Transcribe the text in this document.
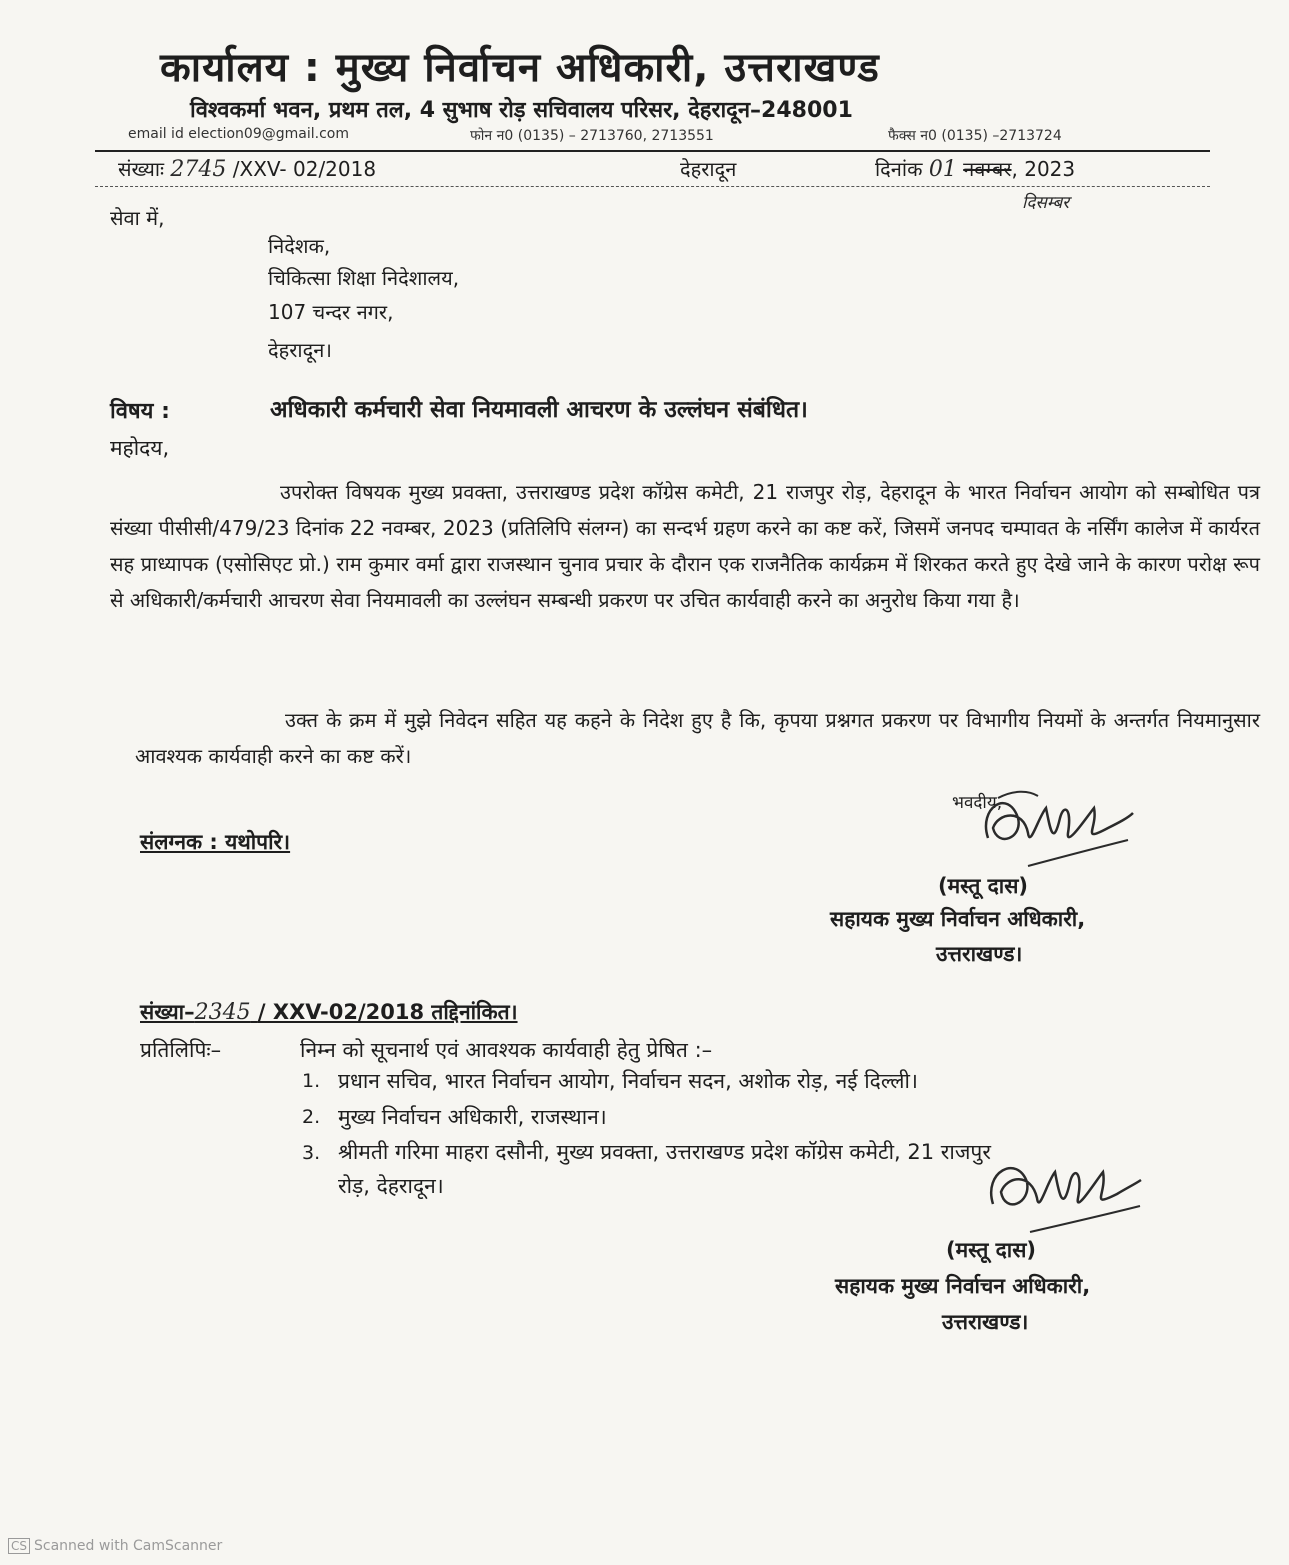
कार्यालय : मुख्य निर्वाचन अधिकारी, उत्तराखण्ड
विश्वकर्मा भवन, प्रथम तल, 4 सुभाष रोड़ सचिवालय परिसर, देहरादून–248001
email id election09@gmail.com	फोन न0 (0135) – 2713760, 2713551	फैक्स न0 (0135) –2713724
संख्याः 2745 /XXV- 02/2018	देहरादून	दिनांक 01 नवम्बर, 2023
दिसम्बर
सेवा में,
निदेशक,
चिकित्सा शिक्षा निदेशालय,
107 चन्दर नगर,
देहरादून।
विषय :	अधिकारी कर्मचारी सेवा नियमावली आचरण के उल्लंघन संबंधित।
महोदय,
उपरोक्त विषयक मुख्य प्रवक्ता, उत्तराखण्ड प्रदेश कॉग्रेस कमेटी, 21 राजपुर रोड़, देहरादून के भारत निर्वाचन आयोग को सम्बोधित पत्र संख्या पीसीसी/479/23 दिनांक 22 नवम्बर, 2023 (प्रतिलिपि संलग्न) का सन्दर्भ ग्रहण करने का कष्ट करें, जिसमें जनपद चम्पावत के नर्सिंग कालेज में कार्यरत सह प्राध्यापक (एसोसिएट प्रो.) राम कुमार वर्मा द्वारा राजस्थान चुनाव प्रचार के दौरान एक राजनैतिक कार्यक्रम में शिरकत करते हुए देखे जाने के कारण परोक्ष रूप से अधिकारी/कर्मचारी आचरण सेवा नियमावली का उल्लंघन सम्बन्धी प्रकरण पर उचित कार्यवाही करने का अनुरोध किया गया है।
उक्त के क्रम में मुझे निवेदन सहित यह कहने के निदेश हुए है कि, कृपया प्रश्नगत प्रकरण पर विभागीय नियमों के अन्तर्गत नियमानुसार आवश्यक कार्यवाही करने का कष्ट करें।
संलग्नक : यथोपरि।
भवदीय,
(मस्तू दास)
सहायक मुख्य निर्वाचन अधिकारी,
उत्तराखण्ड।
संख्या–2345 / XXV-02/2018 तद्दिनांकित।
प्रतिलिपिः–	निम्न को सूचनार्थ एवं आवश्यक कार्यवाही हेतु प्रेषित :–
1. प्रधान सचिव, भारत निर्वाचन आयोग, निर्वाचन सदन, अशोक रोड़, नई दिल्ली।
2. मुख्य निर्वाचन अधिकारी, राजस्थान।
3. श्रीमती गरिमा माहरा दसौनी, मुख्य प्रवक्ता, उत्तराखण्ड प्रदेश कॉग्रेस कमेटी, 21 राजपुर
रोड़, देहरादून।
(मस्तू दास)
सहायक मुख्य निर्वाचन अधिकारी,
उत्तराखण्ड।
CS Scanned with CamScanner
